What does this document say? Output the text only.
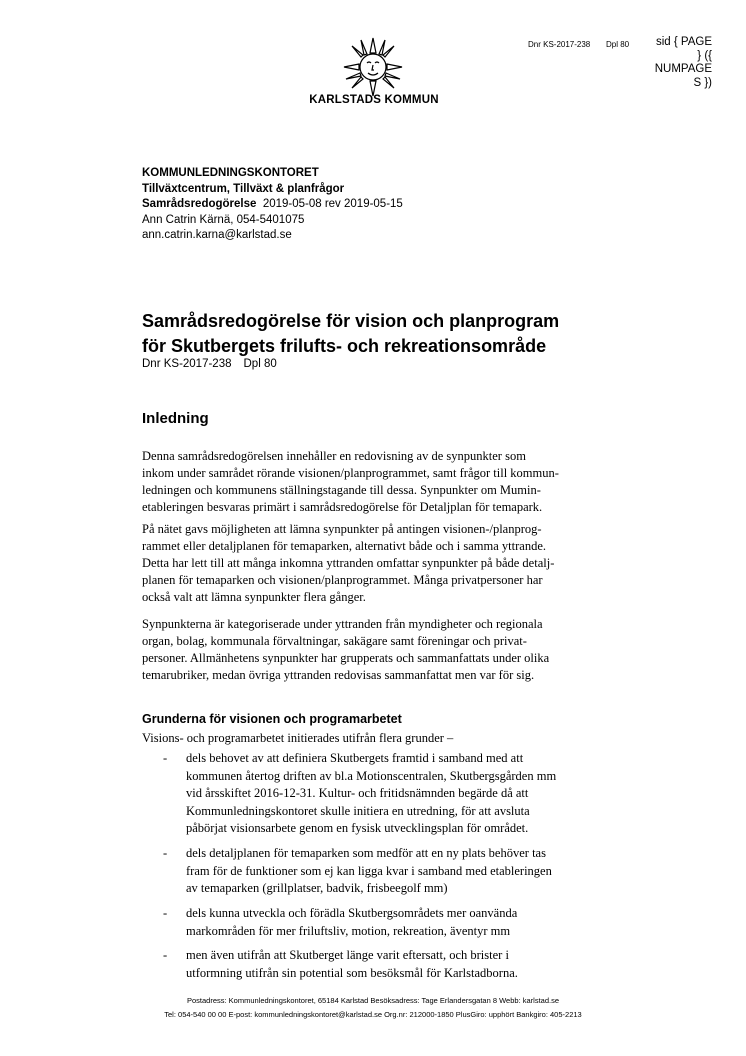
KARLSTADS KOMMUN
Dnr KS-2017-238 Dpl 80	sid { PAGE
} ({
NUMPAGE
S })
KOMMUNLEDNINGSKONTORET
Tillväxtcentrum, Tillväxt & planfrågor
Samrådsredogörelse 2019-05-08 rev 2019-05-15
Ann Catrin Kärnä, 054-5401075
ann.catrin.karna@karlstad.se
Samrådsredogörelse för vision och planprogram
för Skutbergets frilufts- och rekreationsområde
Dnr KS-2017-238 Dpl 80
Inledning
Denna samrådsredogörelsen innehåller en redovisning av de synpunkter som
inkom under samrådet rörande visionen/planprogrammet, samt frågor till kommun-
ledningen och kommunens ställningstagande till dessa. Synpunkter om Mumin-
etableringen besvaras primärt i samrådsredogörelse för Detaljplan för temapark.
På nätet gavs möjligheten att lämna synpunkter på antingen visionen-/planprog-
rammet eller detaljplanen för temaparken, alternativt både och i samma yttrande.
Detta har lett till att många inkomna yttranden omfattar synpunkter på både detalj-
planen för temaparken och visionen/planprogrammet. Många privatpersoner har
också valt att lämna synpunkter flera gånger.
Synpunkterna är kategoriserade under yttranden från myndigheter och regionala
organ, bolag, kommunala förvaltningar, sakägare samt föreningar och privat-
personer. Allmänhetens synpunkter har grupperats och sammanfattats under olika
temarubriker, medan övriga yttranden redovisas sammanfattat men var för sig.
Grunderna för visionen och programarbetet
Visions- och programarbetet initierades utifrån flera grunder –
- dels behovet av att definiera Skutbergets framtid i samband med att
kommunen återtog driften av bl.a Motionscentralen, Skutbergsgården mm
vid årsskiftet 2016-12-31. Kultur- och fritidsnämnden begärde då att
Kommunledningskontoret skulle initiera en utredning, för att avsluta
påbörjat visionsarbete genom en fysisk utvecklingsplan för området.
- dels detaljplanen för temaparken som medför att en ny plats behöver tas
fram för de funktioner som ej kan ligga kvar i samband med etableringen
av temaparken (grillplatser, badvik, frisbeegolf mm)
- dels kunna utveckla och förädla Skutbergsområdets mer oanvända
markområden för mer friluftsliv, motion, rekreation, äventyr mm
- men även utifrån att Skutberget länge varit eftersatt, och brister i
utformning utifrån sin potential som besöksmål för Karlstadborna.
Postadress: Kommunledningskontoret, 65184 Karlstad Besöksadress: Tage Erlandersgatan 8 Webb: karlstad.se
Tel: 054-540 00 00 E-post: kommunledningskontoret@karlstad.se Org.nr: 212000-1850 PlusGiro: upphört Bankgiro: 405-2213
